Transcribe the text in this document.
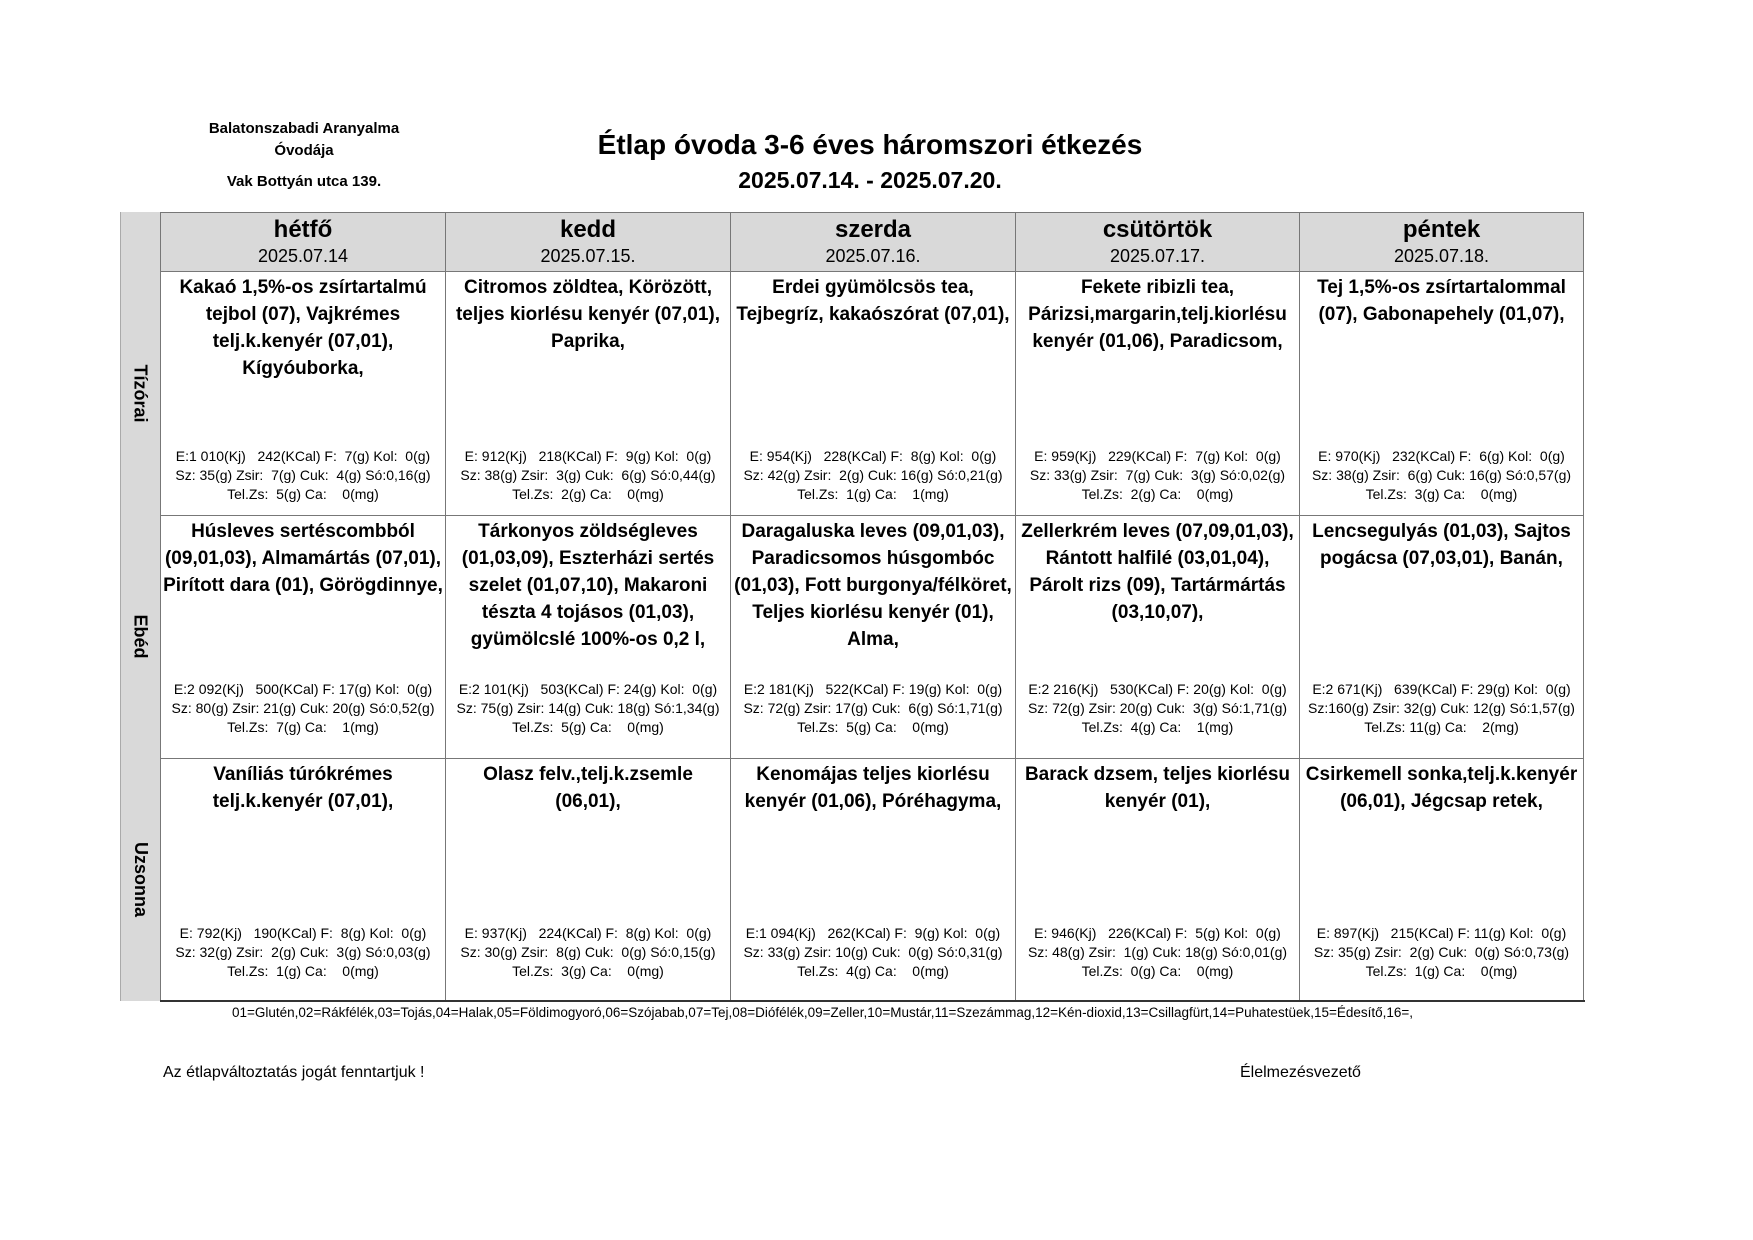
Balatonszabadi Aranyalma
Óvodája
Vak Bottyán utca 139.
Étlap óvoda 3-6 éves háromszori étkezés
2025.07.14. - 2025.07.20.
Tízórai
Ebéd
Uzsonna
hétfő
2025.07.14
kedd
2025.07.15.
szerda
2025.07.16.
csütörtök
2025.07.17.
péntek
2025.07.18.
Kakaó 1,5%-os zsírtartalmú tejbol (07), Vajkrémes telj.k.kenyér (07,01), Kígyóuborka,
E:1 010(Kj)   242(KCal) F:  7(g) Kol:  0(g)
Sz: 35(g) Zsir:  7(g) Cuk:  4(g) Só:0,16(g)
Tel.Zs:  5(g) Ca:    0(mg)
Citromos zöldtea, Körözött, teljes kiorlésu kenyér (07,01), Paprika,
E: 912(Kj)   218(KCal) F:  9(g) Kol:  0(g)
Sz: 38(g) Zsir:  3(g) Cuk:  6(g) Só:0,44(g)
Tel.Zs:  2(g) Ca:    0(mg)
Erdei gyümölcsös tea, Tejbegríz, kakaószórat (07,01),
E: 954(Kj)   228(KCal) F:  8(g) Kol:  0(g)
Sz: 42(g) Zsir:  2(g) Cuk: 16(g) Só:0,21(g)
Tel.Zs:  1(g) Ca:    1(mg)
Fekete ribizli tea, Párizsi,margarin,telj.kiorlésu kenyér (01,06), Paradicsom,
E: 959(Kj)   229(KCal) F:  7(g) Kol:  0(g)
Sz: 33(g) Zsir:  7(g) Cuk:  3(g) Só:0,02(g)
Tel.Zs:  2(g) Ca:    0(mg)
Tej 1,5%-os zsírtartalommal (07), Gabonapehely (01,07),
E: 970(Kj)   232(KCal) F:  6(g) Kol:  0(g)
Sz: 38(g) Zsir:  6(g) Cuk: 16(g) Só:0,57(g)
Tel.Zs:  3(g) Ca:    0(mg)
Húsleves sertéscombból (09,01,03), Almamártás (07,01), Pirított dara (01), Görögdinnye,
E:2 092(Kj)   500(KCal) F: 17(g) Kol:  0(g)
Sz: 80(g) Zsir: 21(g) Cuk: 20(g) Só:0,52(g)
Tel.Zs:  7(g) Ca:    1(mg)
Tárkonyos zöldségleves (01,03,09), Eszterházi sertés szelet (01,07,10), Makaroni tészta 4 tojásos (01,03), gyümölcslé 100%-os 0,2 l,
E:2 101(Kj)   503(KCal) F: 24(g) Kol:  0(g)
Sz: 75(g) Zsir: 14(g) Cuk: 18(g) Só:1,34(g)
Tel.Zs:  5(g) Ca:    0(mg)
Daragaluska leves (09,01,03), Paradicsomos húsgombóc (01,03), Fott burgonya/félköret, Teljes kiorlésu kenyér (01), Alma,
E:2 181(Kj)   522(KCal) F: 19(g) Kol:  0(g)
Sz: 72(g) Zsir: 17(g) Cuk:  6(g) Só:1,71(g)
Tel.Zs:  5(g) Ca:    0(mg)
Zellerkrém leves (07,09,01,03), Rántott halfilé (03,01,04), Párolt rizs (09), Tartármártás (03,10,07),
E:2 216(Kj)   530(KCal) F: 20(g) Kol:  0(g)
Sz: 72(g) Zsir: 20(g) Cuk:  3(g) Só:1,71(g)
Tel.Zs:  4(g) Ca:    1(mg)
Lencsegulyás (01,03), Sajtos pogácsa (07,03,01), Banán,
E:2 671(Kj)   639(KCal) F: 29(g) Kol:  0(g)
Sz:160(g) Zsir: 32(g) Cuk: 12(g) Só:1,57(g)
Tel.Zs: 11(g) Ca:    2(mg)
Vaníliás túrókrémes telj.k.kenyér (07,01),
E: 792(Kj)   190(KCal) F:  8(g) Kol:  0(g)
Sz: 32(g) Zsir:  2(g) Cuk:  3(g) Só:0,03(g)
Tel.Zs:  1(g) Ca:    0(mg)
Olasz felv.,telj.k.zsemle (06,01),
E: 937(Kj)   224(KCal) F:  8(g) Kol:  0(g)
Sz: 30(g) Zsir:  8(g) Cuk:  0(g) Só:0,15(g)
Tel.Zs:  3(g) Ca:    0(mg)
Kenomájas teljes kiorlésu kenyér (01,06), Póréhagyma,
E:1 094(Kj)   262(KCal) F:  9(g) Kol:  0(g)
Sz: 33(g) Zsir: 10(g) Cuk:  0(g) Só:0,31(g)
Tel.Zs:  4(g) Ca:    0(mg)
Barack dzsem, teljes kiorlésu kenyér (01),
E: 946(Kj)   226(KCal) F:  5(g) Kol:  0(g)
Sz: 48(g) Zsir:  1(g) Cuk: 18(g) Só:0,01(g)
Tel.Zs:  0(g) Ca:    0(mg)
Csirkemell sonka,telj.k.kenyér (06,01), Jégcsap retek,
E: 897(Kj)   215(KCal) F: 11(g) Kol:  0(g)
Sz: 35(g) Zsir:  2(g) Cuk:  0(g) Só:0,73(g)
Tel.Zs:  1(g) Ca:    0(mg)
01=Glutén,02=Rákfélék,03=Tojás,04=Halak,05=Földimogyoró,06=Szójabab,07=Tej,08=Diófélék,09=Zeller,10=Mustár,11=Szezámmag,12=Kén-dioxid,13=Csillagfürt,14=Puhatestüek,15=Édesítő,16=,
Az étlapváltoztatás jogát fenntartjuk !	Élelmezésvezető
